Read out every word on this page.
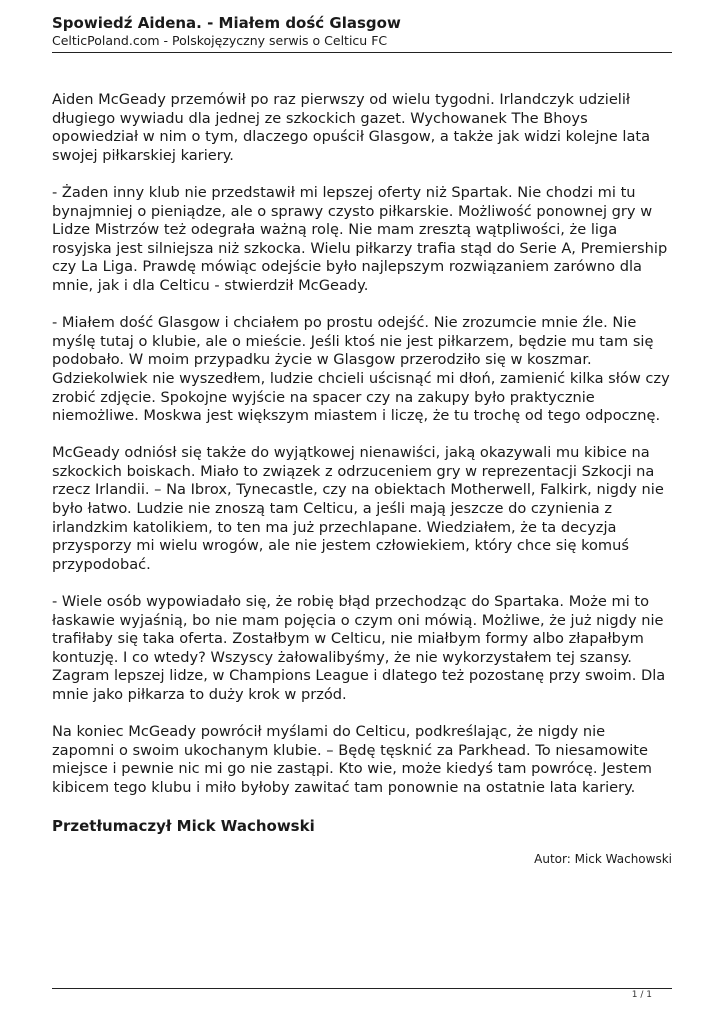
Spowiedź Aidena. - Miałem dość Glasgow

CelticPoland.com - Polskojęzyczny serwis o Celticu FC

Aiden McGeady przemówił po raz pierwszy od wielu tygodni. Irlandczyk udzielił długiego wywiadu dla jednej ze szkockich gazet. Wychowanek The Bhoys opowiedział w nim o tym, dlaczego opuścił Glasgow, a także jak widzi kolejne lata swojej piłkarskiej kariery.

- Żaden inny klub nie przedstawił mi lepszej oferty niż Spartak. Nie chodzi mi tu bynajmniej o pieniądze, ale o sprawy czysto piłkarskie. Możliwość ponownej gry w Lidze Mistrzów też odegrała ważną rolę. Nie mam zresztą wątpliwości, że liga rosyjska jest silniejsza niż szkocka. Wielu piłkarzy trafia stąd do Serie A, Premiership czy La Liga. Prawdę mówiąc odejście było najlepszym rozwiązaniem zarówno dla mnie, jak i dla Celticu - stwierdził McGeady.

- Miałem dość Glasgow i chciałem po prostu odejść. Nie zrozumcie mnie źle. Nie myślę tutaj o klubie, ale o mieście. Jeśli ktoś nie jest piłkarzem, będzie mu tam się podobało. W moim przypadku życie w Glasgow przerodziło się w koszmar. Gdziekolwiek nie wyszedłem, ludzie chcieli uścisnąć mi dłoń, zamienić kilka słów czy zrobić zdjęcie. Spokojne wyjście na spacer czy na zakupy było praktycznie niemożliwe. Moskwa jest większym miastem i liczę, że tu trochę od tego odpocznę.

McGeady odniósł się także do wyjątkowej nienawiści, jaką okazywali mu kibice na szkockich boiskach. Miało to związek z odrzuceniem gry w reprezentacji Szkocji na rzecz Irlandii. – Na Ibrox, Tynecastle, czy na obiektach Motherwell, Falkirk, nigdy nie było łatwo. Ludzie nie znoszą tam Celticu, a jeśli mają jeszcze do czynienia z irlandzkim katolikiem, to ten ma już przechlapane. Wiedziałem, że ta decyzja przysporzy mi wielu wrogów, ale nie jestem człowiekiem, który chce się komuś przypodobać.

- Wiele osób wypowiadało się, że robię błąd przechodząc do Spartaka. Może mi to łaskawie wyjaśnią, bo nie mam pojęcia o czym oni mówią. Możliwe, że już nigdy nie trafiłaby się taka oferta. Zostałbym w Celticu, nie miałbym formy albo złapałbym kontuzję. I co wtedy? Wszyscy żałowalibyśmy, że nie wykorzystałem tej szansy. Zagram lepszej lidze, w Champions League i dlatego też pozostanę przy swoim. Dla mnie jako piłkarza to duży krok w przód.

Na koniec McGeady powrócił myślami do Celticu, podkreślając, że nigdy nie zapomni o swoim ukochanym klubie. – Będę tęsknić za Parkhead. To niesamowite miejsce i pewnie nic mi go nie zastąpi. Kto wie, może kiedyś tam powrócę. Jestem kibicem tego klubu i miło byłoby zawitać tam ponownie na ostatnie lata kariery.

Przetłumaczył Mick Wachowski

Autor: Mick Wachowski
1 / 1
